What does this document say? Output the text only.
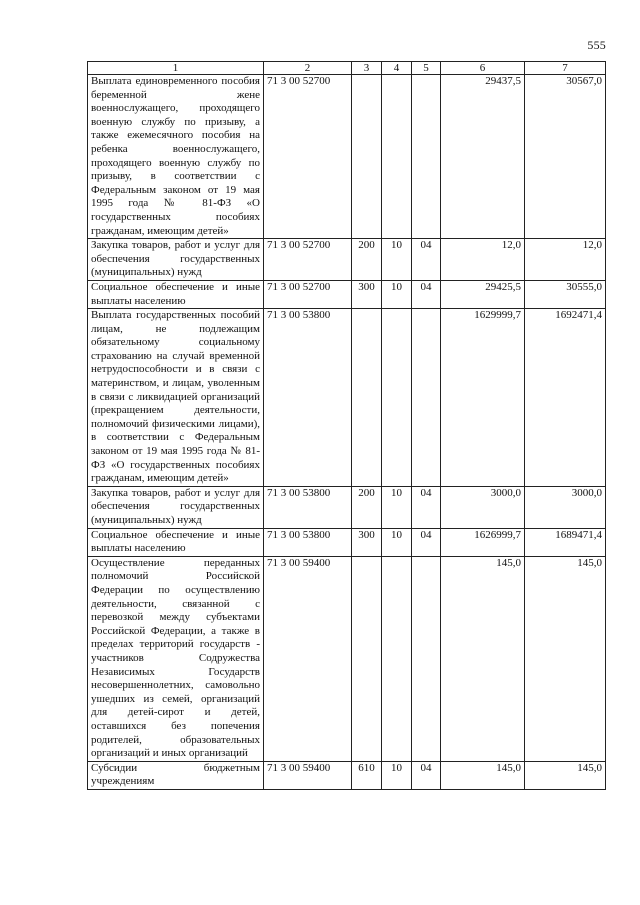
555
1	2	3	4	5	6	7
Выплата единовременного пособия беременной жене военнослужащего, проходящего военную службу по призыву, а также ежемесячного пособия на ребенка военнослужащего, проходящего военную службу по призыву, в соответствии с Федеральным законом от 19 мая 1995 года № 81-ФЗ «О государственных пособиях гражданам, имеющим детей»	71 3 00 52700				29437,5	30567,0
Закупка товаров, работ и услуг для обеспечения государственных (муниципальных) нужд	71 3 00 52700	200	10	04	12,0	12,0
Социальное обеспечение и иные выплаты населению	71 3 00 52700	300	10	04	29425,5	30555,0
Выплата государственных пособий лицам, не подлежащим обязательному социальному страхованию на случай временной нетрудоспособности и в связи с материнством, и лицам, уволенным в связи с ликвидацией организаций (прекращением деятельности, полномочий физическими лицами), в соответствии с Федеральным законом от 19 мая 1995 года № 81-ФЗ «О государственных пособиях гражданам, имеющим детей»	71 3 00 53800				1629999,7	1692471,4
Закупка товаров, работ и услуг для обеспечения государственных (муниципальных) нужд	71 3 00 53800	200	10	04	3000,0	3000,0
Социальное обеспечение и иные выплаты населению	71 3 00 53800	300	10	04	1626999,7	1689471,4
Осуществление переданных полномочий Российской Федерации по осуществлению деятельности, связанной с перевозкой между субъектами Российской Федерации, а также в пределах территорий государств - участников Содружества Независимых Государств несовершеннолетних, самовольно ушедших из семей, организаций для детей-сирот и детей, оставшихся без попечения родителей, образовательных организаций и иных организаций	71 3 00 59400				145,0	145,0
Субсидии бюджетным учреждениям	71 3 00 59400	610	10	04	145,0	145,0
